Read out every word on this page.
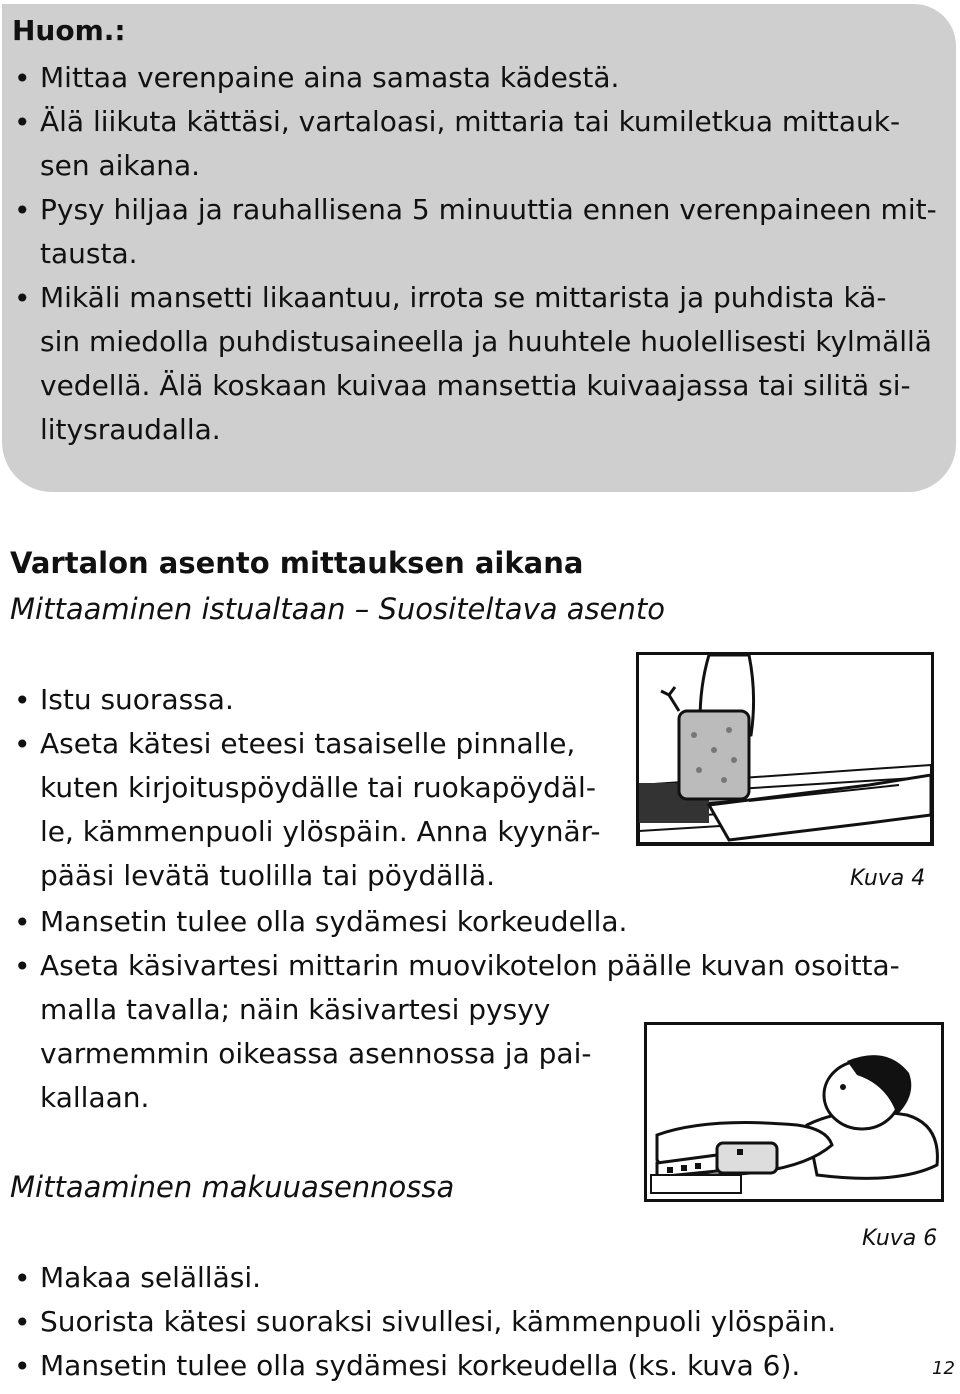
Huom.:
• Mittaa verenpaine aina samasta kädestä.
• Älä liikuta kättäsi, vartaloasi, mittaria tai kumiletkua mittauk-
sen aikana.
• Pysy hiljaa ja rauhallisena 5 minuuttia ennen verenpaineen mit-
tausta.
• Mikäli mansetti likaantuu, irrota se mittarista ja puhdista kä-
sin miedolla puhdistusaineella ja huuhtele huolellisesti kylmällä
vedellä. Älä koskaan kuivaa mansettia kuivaajassa tai silitä si-
litysraudalla.
Vartalon asento mittauksen aikana
Mittaaminen istualtaan – Suositeltava asento
• Istu suorassa.
• Aseta kätesi eteesi tasaiselle pinnalle,
kuten kirjoituspöydälle tai ruokapöydäl-
le, kämmenpuoli ylöspäin. Anna kyynär-
pääsi levätä tuolilla tai pöydällä.
• Mansetin tulee olla sydämesi korkeudella.
• Aseta käsivartesi mittarin muovikotelon päälle kuvan osoitta-
malla tavalla; näin käsivartesi pysyy
varmemmin oikeassa asennossa ja pai-
kallaan.
Kuva 4
Mittaaminen makuuasennossa
Kuva 6
• Makaa selälläsi.
• Suorista kätesi suoraksi sivullesi, kämmenpuoli ylöspäin.
• Mansetin tulee olla sydämesi korkeudella (ks. kuva 6).	12
